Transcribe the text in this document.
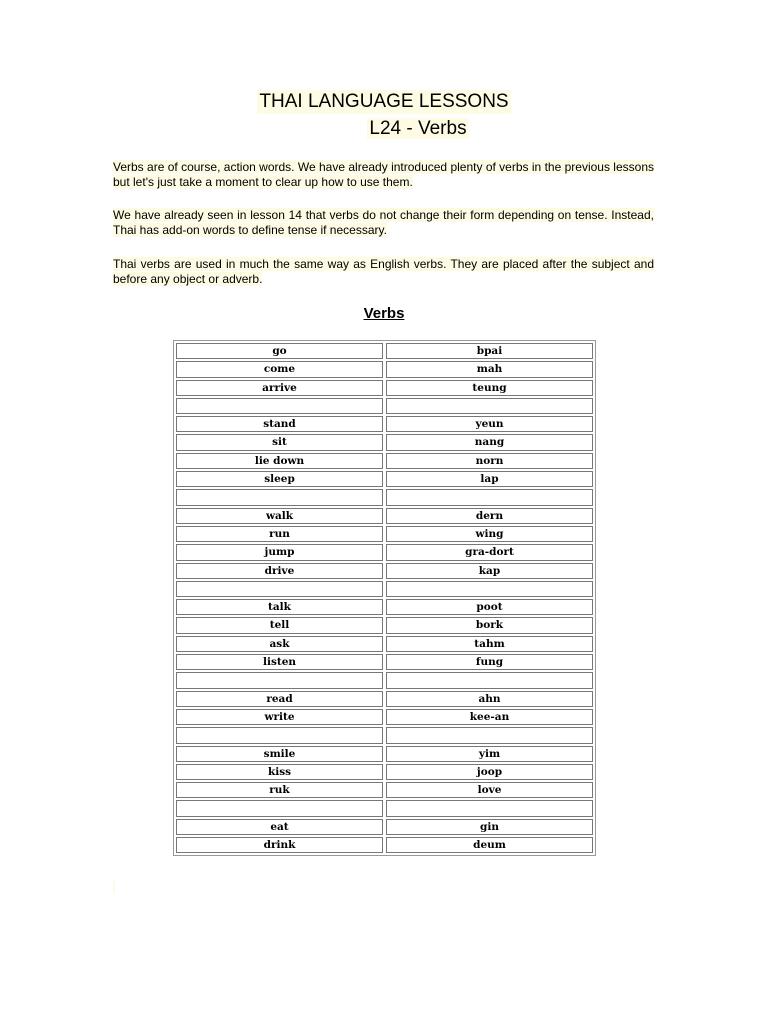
THAI LANGUAGE LESSONS
L24 - Verbs

Verbs are of course, action words. We have already introduced plenty of verbs in the previous lessons but let's just take a moment to clear up how to use them.

We have already seen in lesson 14 that verbs do not change their form depending on tense. Instead, Thai has add-on words to define tense if necessary.

Thai verbs are used in much the same way as English verbs. They are placed after the subject and before any object or adverb.

Verbs
go	bpai
come	mah
arrive	teung
stand	yeun
sit	nang
lie down	norn
sleep	lap
walk	dern
run	wing
jump	gra-dort
drive	kap
talk	poot
tell	bork
ask	tahm
listen	fung
read	ahn
write	kee-an
smile	yim
kiss	joop
ruk	love
eat	gin
drink	deum
